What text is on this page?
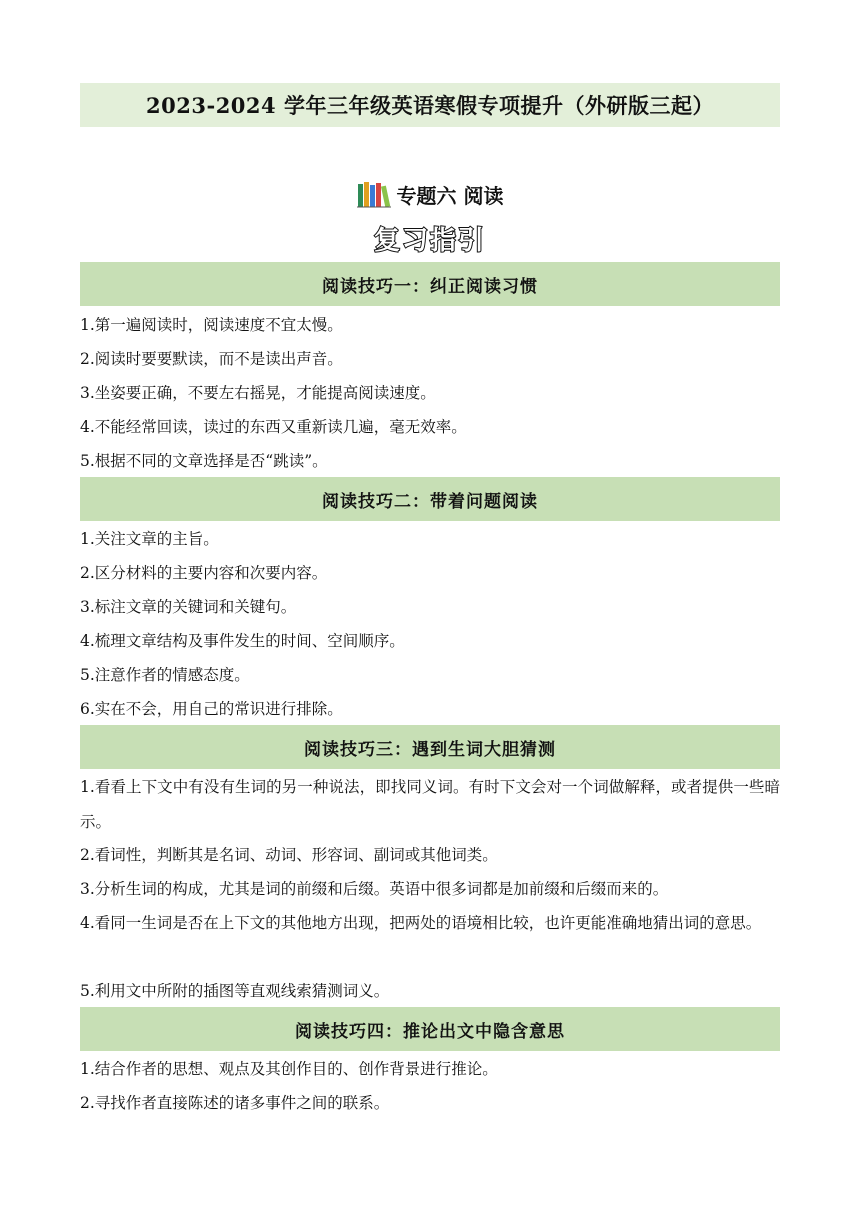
2023-2024 学年三年级英语寒假专项提升（外研版三起）
专题六 阅读
复习指引
阅读技巧一：纠正阅读习惯
1.第一遍阅读时，阅读速度不宜太慢。
2.阅读时要要默读，而不是读出声音。
3.坐姿要正确，不要左右摇晃，才能提高阅读速度。
4.不能经常回读，读过的东西又重新读几遍，毫无效率。
5.根据不同的文章选择是否“跳读”。
阅读技巧二：带着问题阅读
1.关注文章的主旨。
2.区分材料的主要内容和次要内容。
3.标注文章的关键词和关键句。
4.梳理文章结构及事件发生的时间、空间顺序。
5.注意作者的情感态度。
6.实在不会，用自己的常识进行排除。
阅读技巧三：遇到生词大胆猜测
1.看看上下文中有没有生词的另一种说法，即找同义词。有时下文会对一个词做解释，或者提供一些暗示。
2.看词性，判断其是名词、动词、形容词、副词或其他词类。
3.分析生词的构成，尤其是词的前缀和后缀。英语中很多词都是加前缀和后缀而来的。
4.看同一生词是否在上下文的其他地方出现，把两处的语境相比较，也许更能准确地猜出词的意思。
5.利用文中所附的插图等直观线索猜测词义。
阅读技巧四：推论出文中隐含意思
1.结合作者的思想、观点及其创作目的、创作背景进行推论。
2.寻找作者直接陈述的诸多事件之间的联系。
